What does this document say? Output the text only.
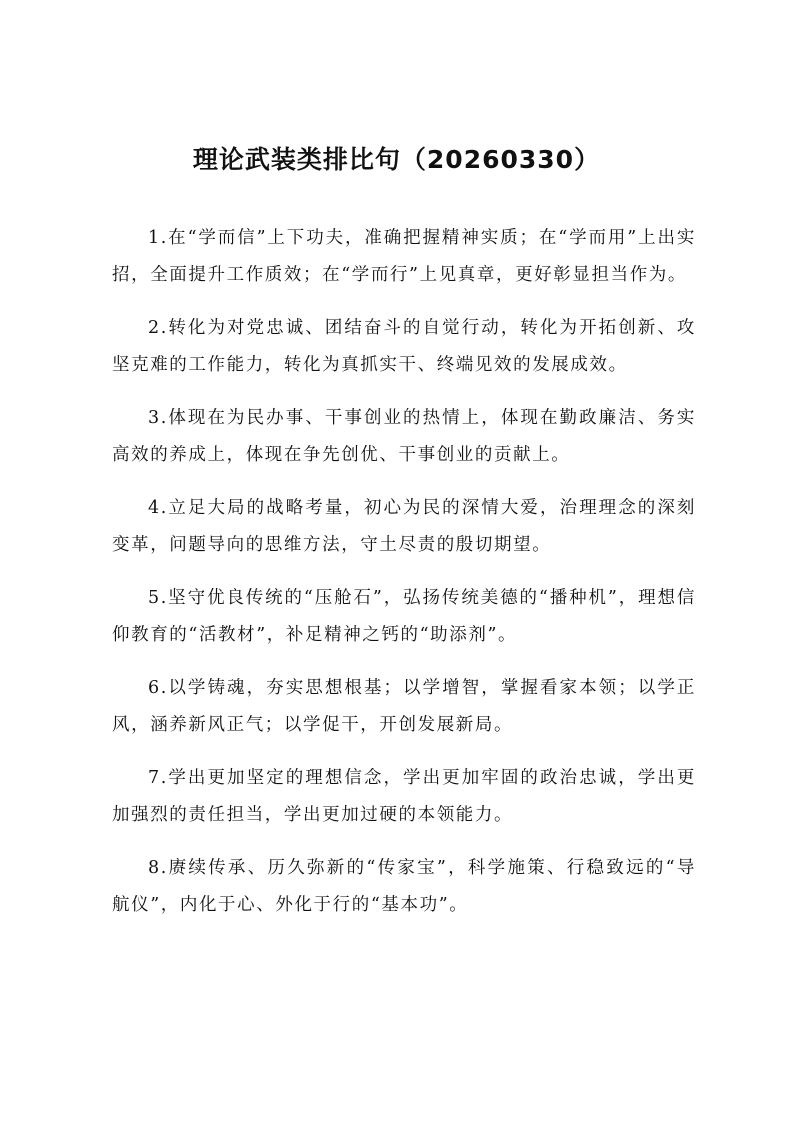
理论武装类排比句（20260330）

1.在“学而信”上下功夫，准确把握精神实质；在“学而用”上出实招，全面提升工作质效；在“学而行”上见真章，更好彰显担当作为。

2.转化为对党忠诚、团结奋斗的自觉行动，转化为开拓创新、攻坚克难的工作能力，转化为真抓实干、终端见效的发展成效。

3.体现在为民办事、干事创业的热情上，体现在勤政廉洁、务实高效的养成上，体现在争先创优、干事创业的贡献上。

4.立足大局的战略考量，初心为民的深情大爱，治理理念的深刻变革，问题导向的思维方法，守土尽责的殷切期望。

5.坚守优良传统的“压舱石”，弘扬传统美德的“播种机”，理想信仰教育的“活教材”，补足精神之钙的“助添剂”。

6.以学铸魂，夯实思想根基；以学增智，掌握看家本领；以学正风，涵养新风正气；以学促干，开创发展新局。

7.学出更加坚定的理想信念，学出更加牢固的政治忠诚，学出更加强烈的责任担当，学出更加过硬的本领能力。

8.赓续传承、历久弥新的“传家宝”，科学施策、行稳致远的“导航仪”，内化于心、外化于行的“基本功”。
